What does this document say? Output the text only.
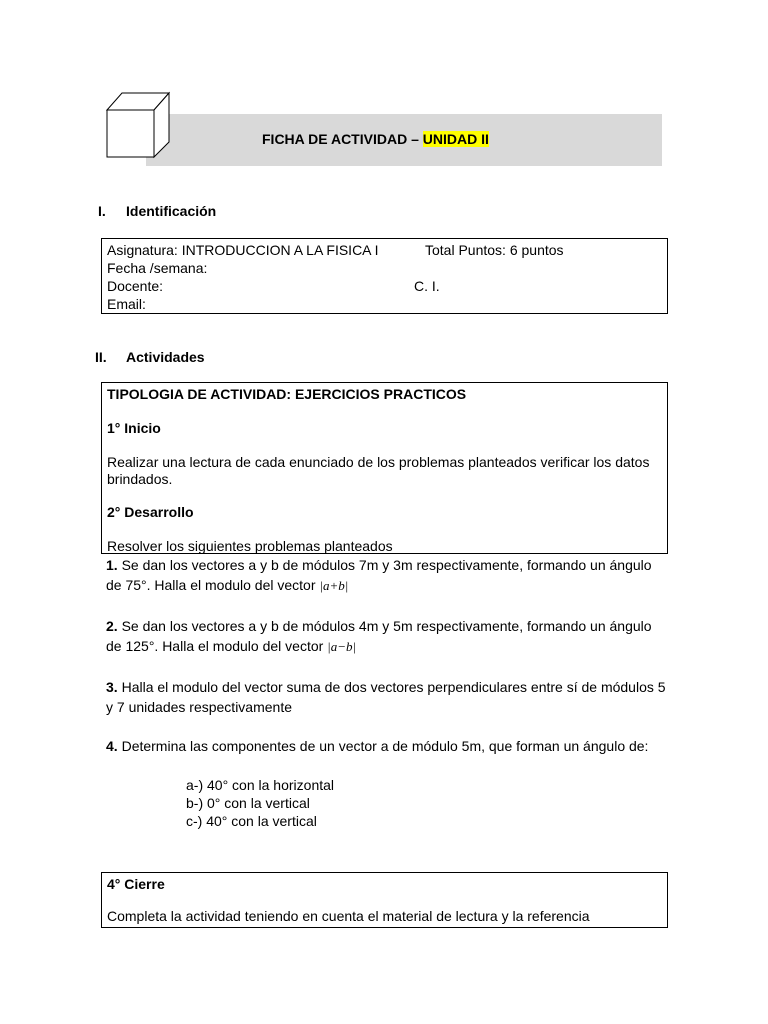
FICHA DE ACTIVIDAD – UNIDAD II
I. Identificación
Asignatura: INTRODUCCION A LA FISICA I	Total Puntos: 6 puntos
Fecha /semana:
Docente:	C. I.
Email:
II. Actividades

TIPOLOGIA DE ACTIVIDAD: EJERCICIOS PRACTICOS

1° Inicio

Realizar una lectura de cada enunciado de los problemas planteados verificar los datos brindados.

2° Desarrollo

Resolver los siguientes problemas planteados

1. Se dan los vectores a y b de módulos 7m y 3m respectivamente, formando un ángulo de 75°. Halla el modulo del vector |a+b|
2. Se dan los vectores a y b de módulos 4m y 5m respectivamente, formando un ángulo de 125°. Halla el modulo del vector |a−b|
3. Halla el modulo del vector suma de dos vectores perpendiculares entre sí de módulos 5 y 7 unidades respectivamente
4. Determina las componentes de un vector a de módulo 5m, que forman un ángulo de:
a-) 40° con la horizontal
b-) 0° con la vertical
c-) 40° con la vertical

4° Cierre

Completa la actividad teniendo en cuenta el material de lectura y la referencia
